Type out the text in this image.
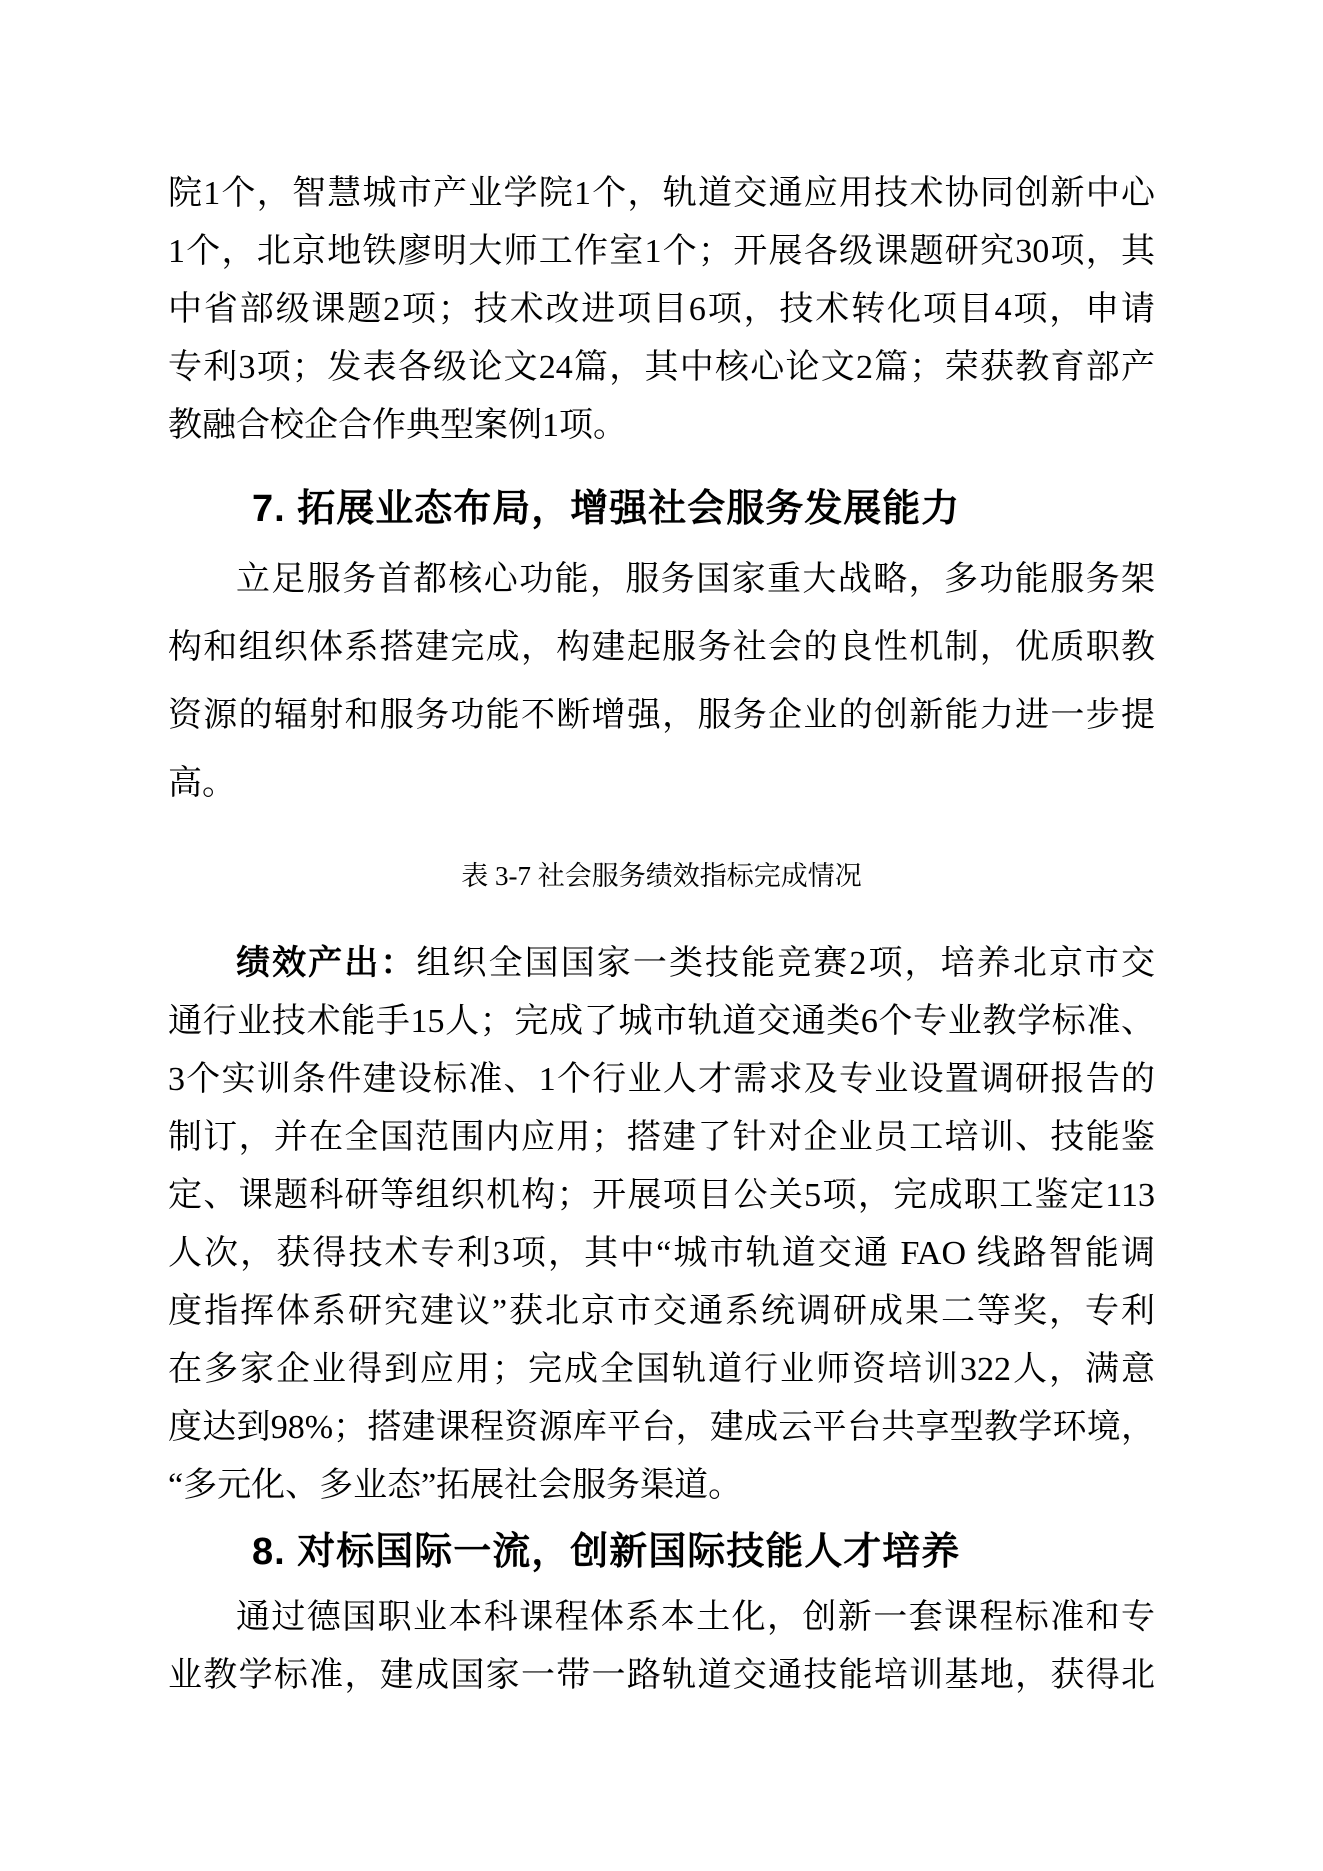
院1个，智慧城市产业学院1个，轨道交通应用技术协同创新中心
1个，北京地铁廖明大师工作室1个；开展各级课题研究30项，其
中省部级课题2项；技术改进项目6项，技术转化项目4项，申请
专利3项；发表各级论文24篇，其中核心论文2篇；荣获教育部产
教融合校企合作典型案例1项。
7. 拓展业态布局，增强社会服务发展能力
立足服务首都核心功能，服务国家重大战略，多功能服务架
构和组织体系搭建完成，构建起服务社会的良性机制，优质职教
资源的辐射和服务功能不断增强，服务企业的创新能力进一步提
高。
表 3-7 社会服务绩效指标完成情况
绩效产出：组织全国国家一类技能竞赛2项，培养北京市交
通行业技术能手15人；完成了城市轨道交通类6个专业教学标准、
3个实训条件建设标准、1个行业人才需求及专业设置调研报告的
制订，并在全国范围内应用；搭建了针对企业员工培训、技能鉴
定、课题科研等组织机构；开展项目公关5项，完成职工鉴定113
人次，获得技术专利3项，其中“城市轨道交通 FAO 线路智能调
度指挥体系研究建议”获北京市交通系统调研成果二等奖，专利
在多家企业得到应用；完成全国轨道行业师资培训322人，满意
度达到98%；搭建课程资源库平台，建成云平台共享型教学环境，
“多元化、多业态”拓展社会服务渠道。
8. 对标国际一流，创新国际技能人才培养
通过德国职业本科课程体系本土化，创新一套课程标准和专
业教学标准，建成国家一带一路轨道交通技能培训基地，获得北
